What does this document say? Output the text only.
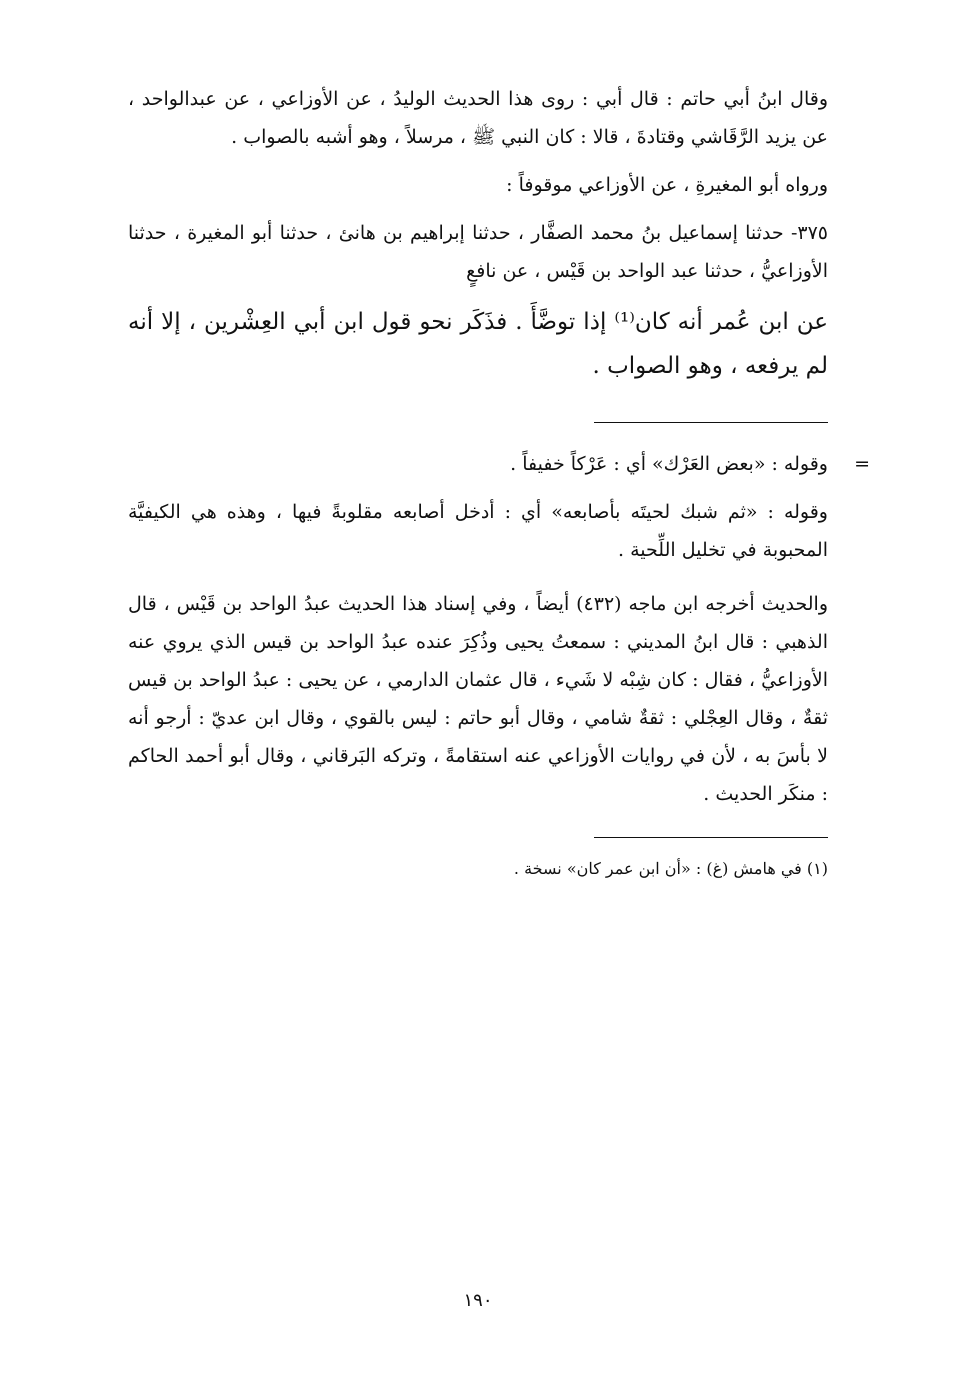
وقال ابنُ أبي حاتم : قال أبي : روى هذا الحديث الوليدُ ، عن الأوزاعي ، عن عبدالواحد ، عن يزيد الرَّقَاشي وقتادةَ ، قالا : كان النبي ﷺ ، مرسلاً ، وهو أشبه بالصواب .

ورواه أبو المغيرةِ ، عن الأوزاعي موقوفاً :

٣٧٥- حدثنا إسماعيل بنُ محمد الصفَّار ، حدثنا إبراهيم بن هانئ ، حدثنا أبو المغيرة ، حدثنا الأوزاعيُّ ، حدثنا عبد الواحد بن قَيْس ، عن نافعٍ

عن ابن عُمر أنه كان⁽¹⁾ إذا توضَّأَ . فذَكَر نحو قول ابن أبي العِشْرين ، إلا أنه لم يرفعه ، وهو الصواب .

=

وقوله : «بعض العَرْك» أي : عَرْكاً خفيفاً .

وقوله : «ثم شبك لحيتَه بأصابعه» أي : أدخل أصابعه مقلوبةً فيها ، وهذه هي الكيفيَّة المحبوبة في تخليل اللِّحية .

والحديث أخرجه ابن ماجه (٤٣٢) أيضاً ، وفي إسناد هذا الحديث عبدُ الواحد بن قَيْس ، قال الذهبي : قال ابنُ المديني : سمعتُ يحيى وذُكِرَ عنده عبدُ الواحد بن قيس الذي يروي عنه الأوزاعيُّ ، فقال : كان شِبْه لا شَيء ، قال عثمان الدارمي ، عن يحيى : عبدُ الواحد بن قيس ثقةٌ ، وقال العِجْلي : ثقةٌ شامي ، وقال أبو حاتم : ليس بالقوي ، وقال ابن عديّ : أرجو أنه لا بأسَ به ، لأن في روايات الأوزاعي عنه استقامةً ، وتركه البَرقاني ، وقال أبو أحمد الحاكم : منكَر الحديث .

(١) في هامش (غ) : «أن ابن عمر كان» نسخة .

١٩٠
